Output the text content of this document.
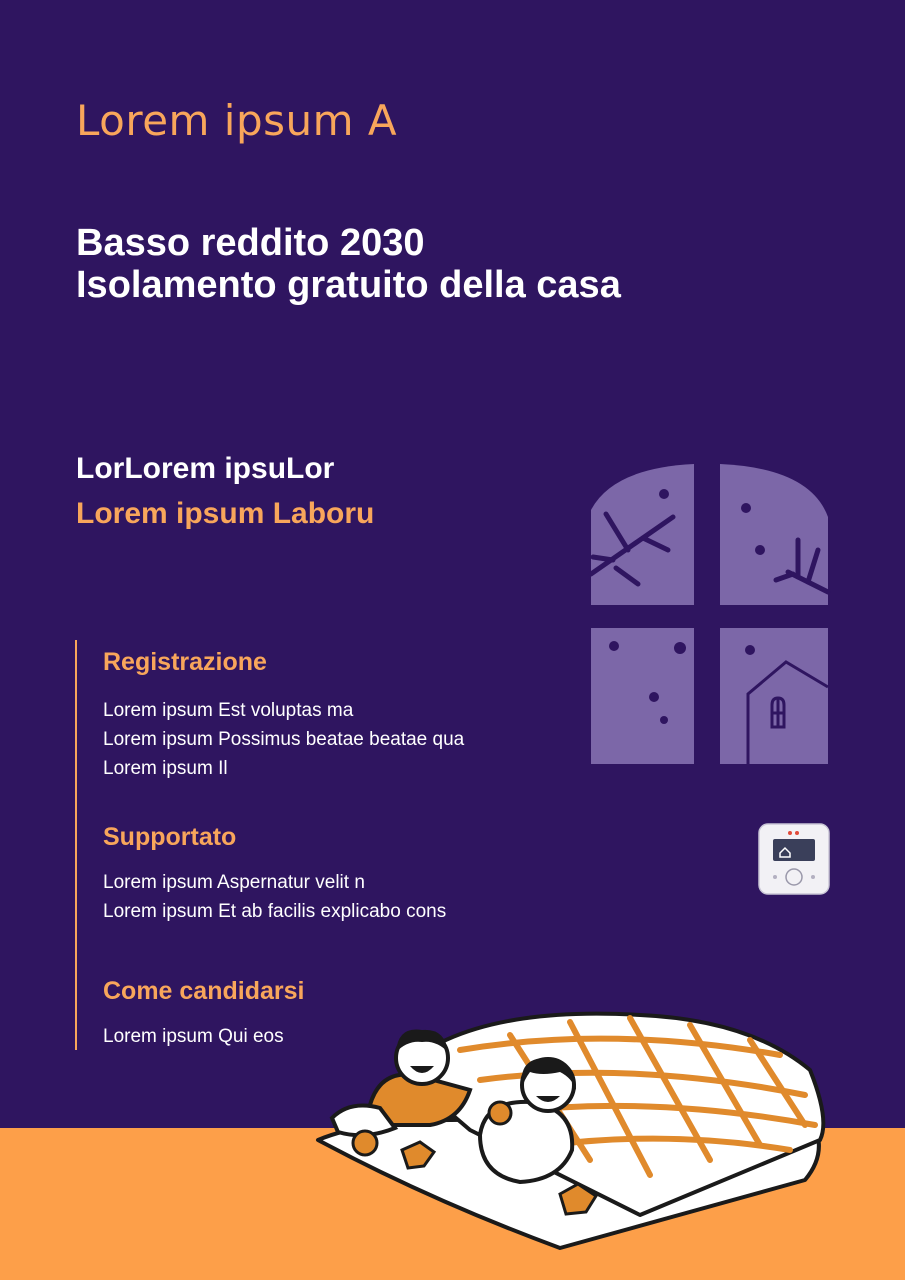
Lorem ipsum A
Basso reddito 2030
Isolamento gratuito della casa
LorLorem ipsuLor
Lorem ipsum Laboru
Registrazione
Lorem ipsum Est voluptas ma
Lorem ipsum Possimus beatae beatae qua
Lorem ipsum Il
Supportato
Lorem ipsum Aspernatur velit n
Lorem ipsum Et ab facilis explicabo cons
Come candidarsi
Lorem ipsum Qui eos
